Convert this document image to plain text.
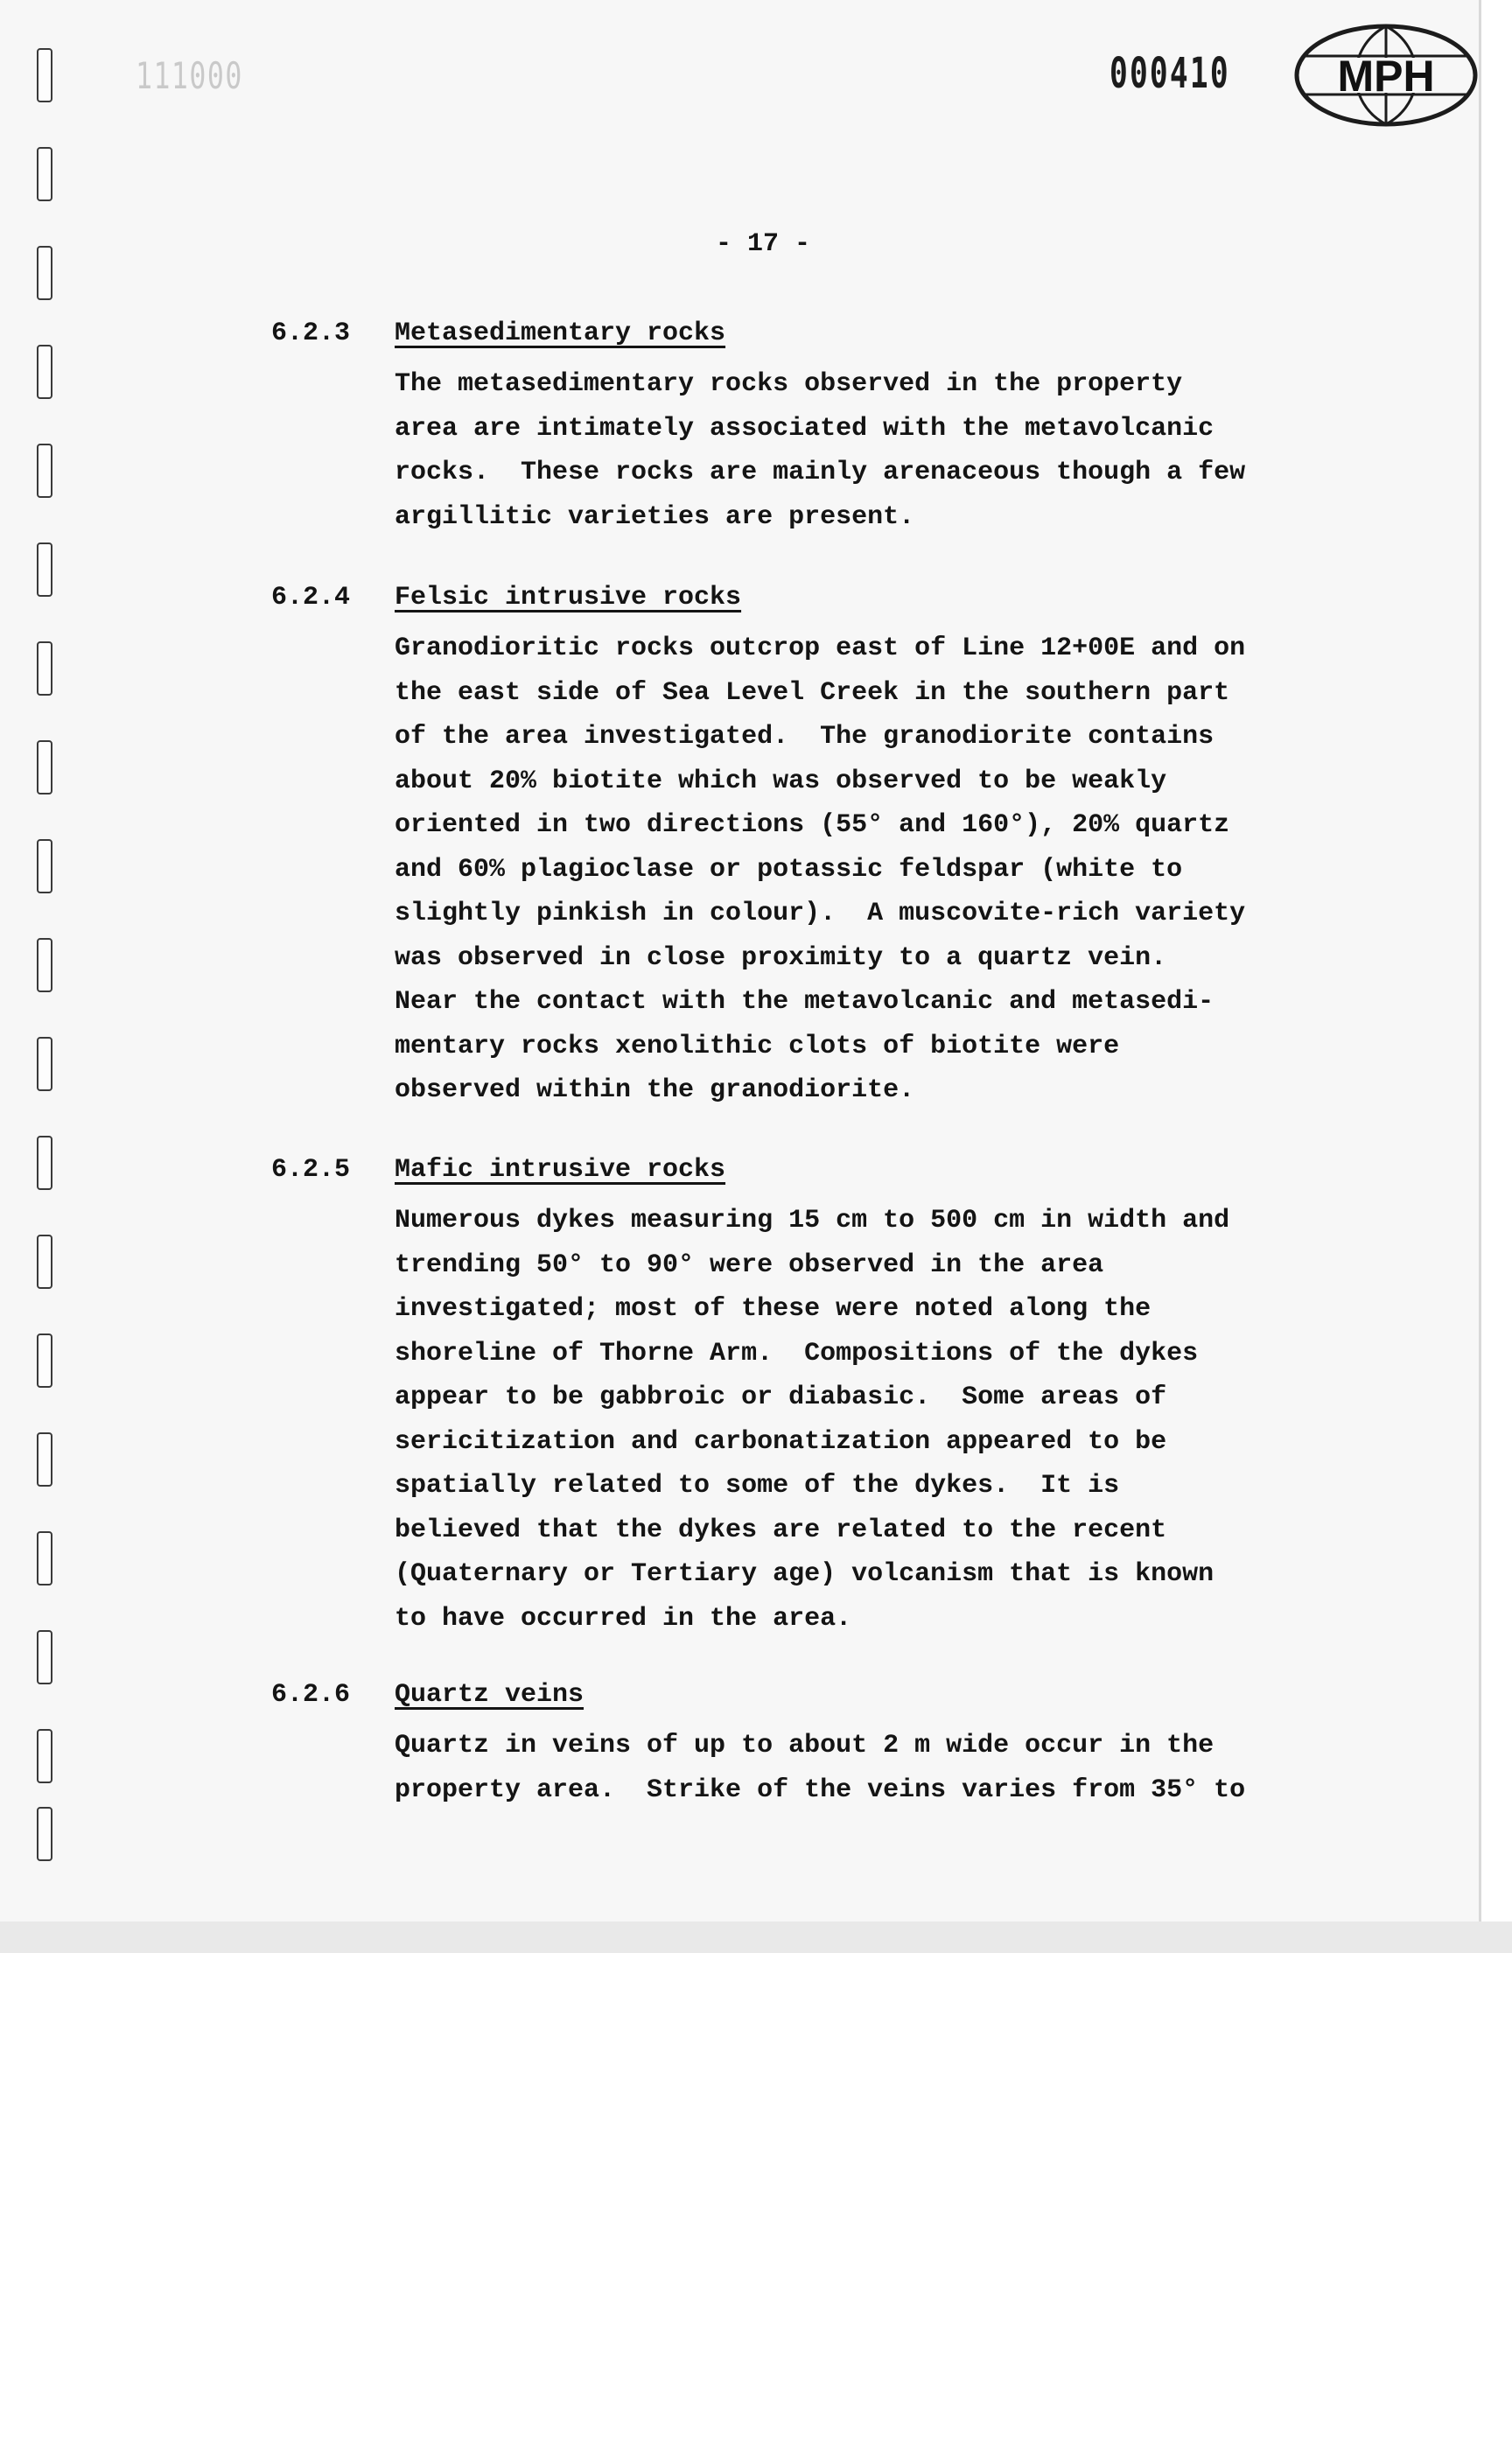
111000	000410 MPH
- 17 -
6.2.3 Metasedimentary rocks
The metasedimentary rocks observed in the property
area are intimately associated with the metavolcanic
rocks.  These rocks are mainly arenaceous though a few
argillitic varieties are present.
6.2.4 Felsic intrusive rocks
Granodioritic rocks outcrop east of Line 12+00E and on
the east side of Sea Level Creek in the southern part
of the area investigated.  The granodiorite contains
about 20% biotite which was observed to be weakly
oriented in two directions (55° and 160°), 20% quartz
and 60% plagioclase or potassic feldspar (white to
slightly pinkish in colour).  A muscovite-rich variety
was observed in close proximity to a quartz vein.
Near the contact with the metavolcanic and metasedi-
mentary rocks xenolithic clots of biotite were
observed within the granodiorite.
6.2.5 Mafic intrusive rocks
Numerous dykes measuring 15 cm to 500 cm in width and
trending 50° to 90° were observed in the area
investigated; most of these were noted along the
shoreline of Thorne Arm.  Compositions of the dykes
appear to be gabbroic or diabasic.  Some areas of
sericitization and carbonatization appeared to be
spatially related to some of the dykes.  It is
believed that the dykes are related to the recent
(Quaternary or Tertiary age) volcanism that is known
to have occurred in the area.
6.2.6 Quartz veins
Quartz in veins of up to about 2 m wide occur in the
property area.  Strike of the veins varies from 35° to
